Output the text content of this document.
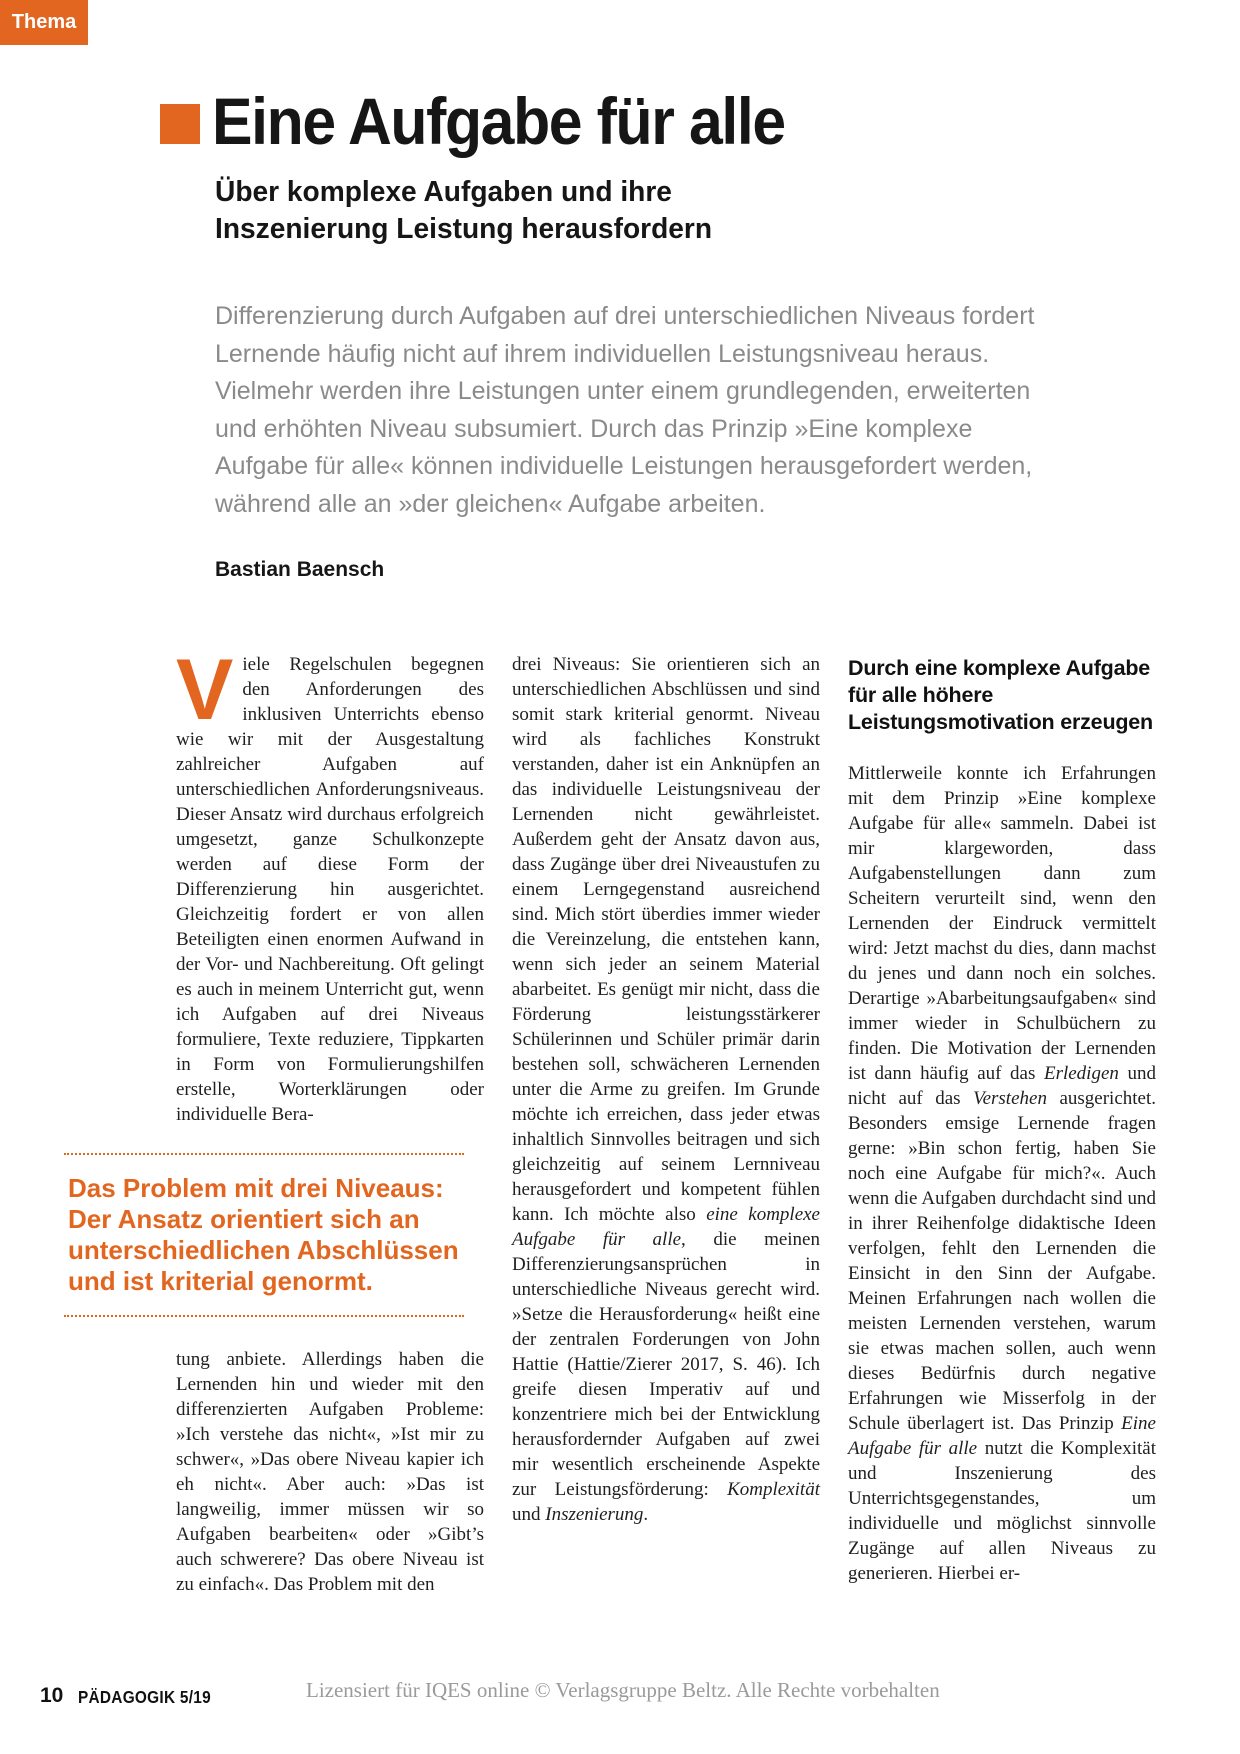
Thema
Eine Aufgabe für alle
Über komplexe Aufgaben und ihre
Inszenierung Leistung herausfordern

Differenzierung durch Aufgaben auf drei unterschiedlichen Niveaus fordert Lernende häufig nicht auf ihrem individuellen Leistungsniveau heraus. Vielmehr werden ihre Leistungen unter einem grundlegenden, erweiterten und erhöhten Niveau subsumiert. Durch das Prinzip »Eine komplexe Aufgabe für alle« können individuelle Leistungen herausgefordert werden, während alle an »der gleichen« Aufgabe arbeiten.

Bastian Baensch

Viele Regelschulen begegnen den Anforderungen des inklusiven Unterrichts ebenso wie wir mit der Ausgestaltung zahlreicher Aufgaben auf unterschiedlichen Anforderungsniveaus. Dieser Ansatz wird durchaus erfolgreich umgesetzt, ganze Schulkonzepte werden auf diese Form der Differenzierung hin ausgerichtet. Gleichzeitig fordert er von allen Beteiligten einen enormen Aufwand in der Vor- und Nachbereitung. Oft gelingt es auch in meinem Unterricht gut, wenn ich Aufgaben auf drei Niveaus formuliere, Texte reduziere, Tippkarten in Form von Formulierungshilfen erstelle, Worterklärungen oder individuelle Bera-

Das Problem mit drei Niveaus:
Der Ansatz orientiert sich an
unterschiedlichen Abschlüssen
und ist kriterial genormt.

tung anbiete. Allerdings haben die Lernenden hin und wieder mit den differenzierten Aufgaben Probleme: »Ich verstehe das nicht«, »Ist mir zu schwer«, »Das obere Niveau kapier ich eh nicht«. Aber auch: »Das ist langweilig, immer müssen wir so Aufgaben bearbeiten« oder »Gibt’s auch schwerere? Das obere Niveau ist zu einfach«. Das Problem mit den

drei Niveaus: Sie orientieren sich an unterschiedlichen Abschlüssen und sind somit stark kriterial genormt. Niveau wird als fachliches Konstrukt verstanden, daher ist ein Anknüpfen an das individuelle Leistungsniveau der Lernenden nicht gewährleistet. Außerdem geht der Ansatz davon aus, dass Zugänge über drei Niveaustufen zu einem Lerngegenstand ausreichend sind. Mich stört überdies immer wieder die Vereinzelung, die entstehen kann, wenn sich jeder an seinem Material abarbeitet. Es genügt mir nicht, dass die Förderung leistungsstärkerer Schülerinnen und Schüler primär darin bestehen soll, schwächeren Lernenden unter die Arme zu greifen. Im Grunde möchte ich erreichen, dass jeder etwas inhaltlich Sinnvolles beitragen und sich gleichzeitig auf seinem Lernniveau herausgefordert und kompetent fühlen kann. Ich möchte also eine komplexe Aufgabe für alle, die meinen Differenzierungsansprüchen in unterschiedliche Niveaus gerecht wird. »Setze die Herausforderung« heißt eine der zentralen Forderungen von John Hattie (Hattie/Zierer 2017, S. 46). Ich greife diesen Imperativ auf und konzentriere mich bei der Entwicklung herausfordernder Aufgaben auf zwei mir wesentlich erscheinende Aspekte zur Leistungsförderung: Komplexität und Inszenierung.

Durch eine komplexe Aufgabe für alle höhere Leistungsmotivation erzeugen

Mittlerweile konnte ich Erfahrungen mit dem Prinzip »Eine komplexe Aufgabe für alle« sammeln. Dabei ist mir klargeworden, dass Aufgabenstellungen dann zum Scheitern verurteilt sind, wenn den Lernenden der Eindruck vermittelt wird: Jetzt machst du dies, dann machst du jenes und dann noch ein solches. Derartige »Abarbeitungsaufgaben« sind immer wieder in Schulbüchern zu finden. Die Motivation der Lernenden ist dann häufig auf das Erledigen und nicht auf das Verstehen ausgerichtet. Besonders emsige Lernende fragen gerne: »Bin schon fertig, haben Sie noch eine Aufgabe für mich?«. Auch wenn die Aufgaben durchdacht sind und in ihrer Reihenfolge didaktische Ideen verfolgen, fehlt den Lernenden die Einsicht in den Sinn der Aufgabe. Meinen Erfahrungen nach wollen die meisten Lernenden verstehen, warum sie etwas machen sollen, auch wenn dieses Bedürfnis durch negative Erfahrungen wie Misserfolg in der Schule überlagert ist. Das Prinzip Eine Aufgabe für alle nutzt die Komplexität und Inszenierung des Unterrichtsgegenstandes, um individuelle und möglichst sinnvolle Zugänge auf allen Niveaus zu generieren. Hierbei er-

10 PÄDAGOGIK 5/19	Lizensiert für IQES online © Verlagsgruppe Beltz. Alle Rechte vorbehalten
